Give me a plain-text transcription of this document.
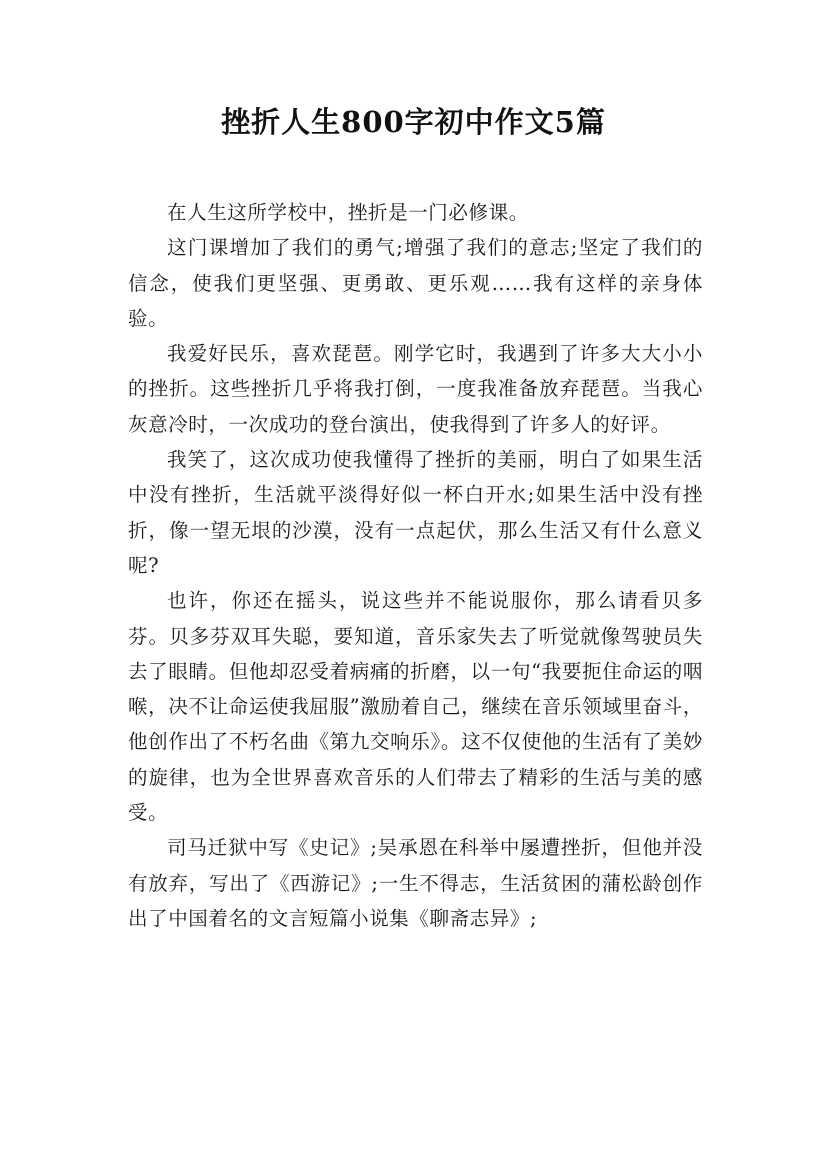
挫折人生800字初中作文5篇

在人生这所学校中，挫折是一门必修课。

这门课增加了我们的勇气;增强了我们的意志;坚定了我们的信念，使我们更坚强、更勇敢、更乐观……我有这样的亲身体验。

我爱好民乐，喜欢琵琶。刚学它时，我遇到了许多大大小小的挫折。这些挫折几乎将我打倒，一度我准备放弃琵琶。当我心灰意冷时，一次成功的登台演出，使我得到了许多人的好评。

我笑了，这次成功使我懂得了挫折的美丽，明白了如果生活中没有挫折，生活就平淡得好似一杯白开水;如果生活中没有挫折，像一望无垠的沙漠，没有一点起伏，那么生活又有什么意义呢?

也许，你还在摇头，说这些并不能说服你，那么请看贝多芬。贝多芬双耳失聪，要知道，音乐家失去了听觉就像驾驶员失去了眼睛。但他却忍受着病痛的折磨，以一句“我要扼住命运的咽喉，决不让命运使我屈服”激励着自己，继续在音乐领域里奋斗，他创作出了不朽名曲《第九交响乐》。这不仅使他的生活有了美妙的旋律，也为全世界喜欢音乐的人们带去了精彩的生活与美的感受。

司马迁狱中写《史记》;吴承恩在科举中屡遭挫折，但他并没有放弃，写出了《西游记》;一生不得志，生活贫困的蒲松龄创作出了中国着名的文言短篇小说集《聊斋志异》;
